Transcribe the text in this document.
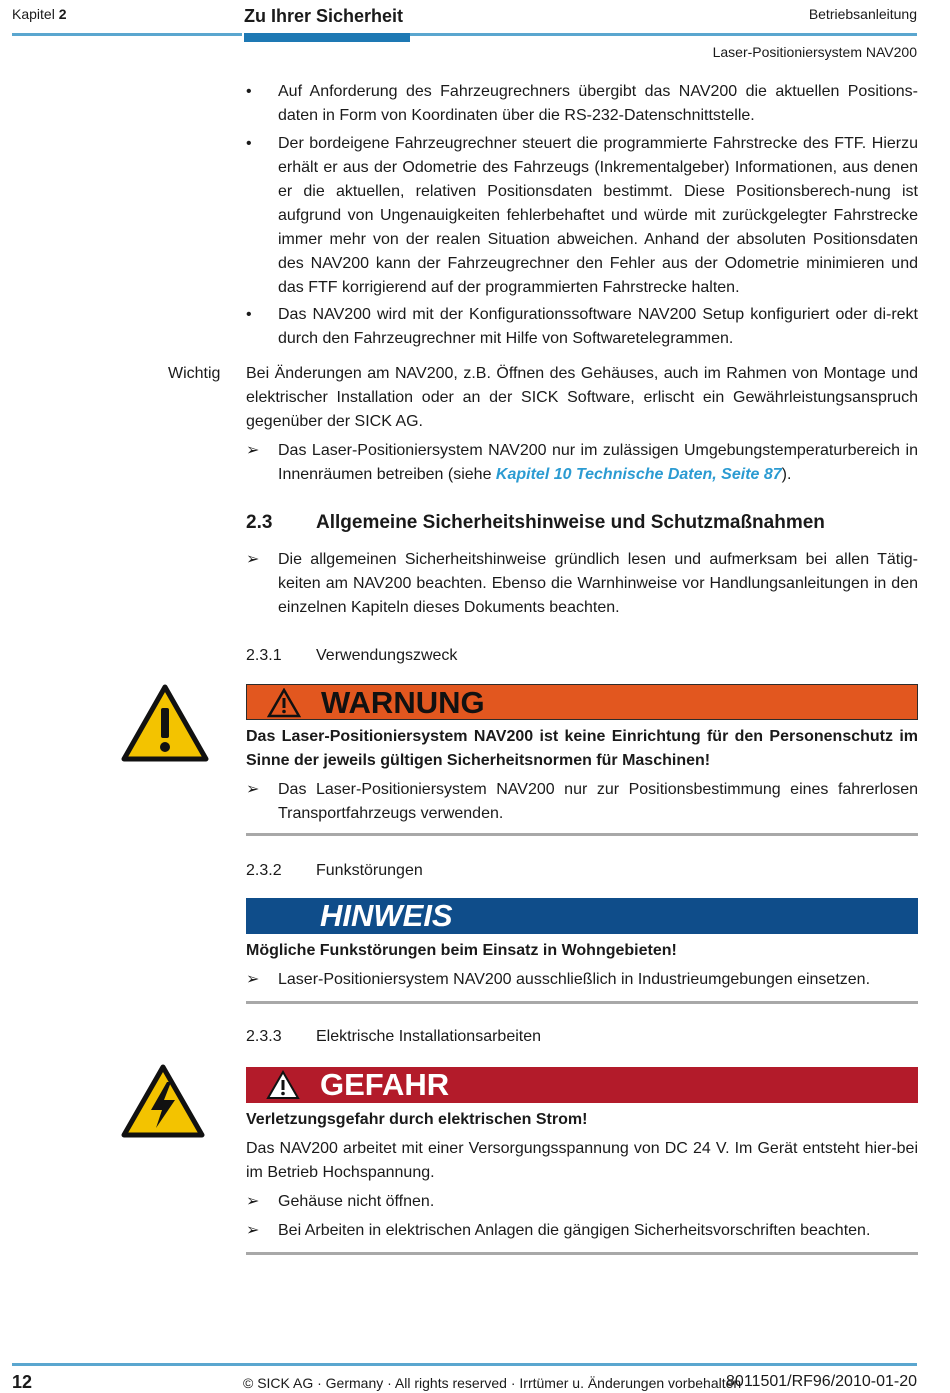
Kapitel 2	Zu Ihrer Sicherheit	Betriebsanleitung
Laser-Positioniersystem NAV200
• Auf Anforderung des Fahrzeugrechners übergibt das NAV200 die aktuellen Positions-daten in Form von Koordinaten über die RS-232-Datenschnittstelle.
• Der bordeigene Fahrzeugrechner steuert die programmierte Fahrstrecke des FTF. Hierzu erhält er aus der Odometrie des Fahrzeugs (Inkrementalgeber) Informationen, aus denen er die aktuellen, relativen Positionsdaten bestimmt. Diese Positionsberech-nung ist aufgrund von Ungenauigkeiten fehlerbehaftet und würde mit zurückgelegter Fahrstrecke immer mehr von der realen Situation abweichen. Anhand der absoluten Positionsdaten des NAV200 kann der Fahrzeugrechner den Fehler aus der Odometrie minimieren und das FTF korrigierend auf der programmierten Fahrstrecke halten.
• Das NAV200 wird mit der Konfigurationssoftware NAV200 Setup konfiguriert oder di-rekt durch den Fahrzeugrechner mit Hilfe von Softwaretelegrammen.
Wichtig Bei Änderungen am NAV200, z.B. Öffnen des Gehäuses, auch im Rahmen von Montage und elektrischer Installation oder an der SICK Software, erlischt ein Gewährleistungsanspruch gegenüber der SICK AG.
➢ Das Laser-Positioniersystem NAV200 nur im zulässigen Umgebungstemperaturbereich in Innenräumen betreiben (siehe Kapitel 10 Technische Daten, Seite 87).
2.3 Allgemeine Sicherheitshinweise und Schutzmaßnahmen
➢ Die allgemeinen Sicherheitshinweise gründlich lesen und aufmerksam bei allen Tätig-keiten am NAV200 beachten. Ebenso die Warnhinweise vor Handlungsanleitungen in den einzelnen Kapiteln dieses Dokuments beachten.
2.3.1 Verwendungszweck
WARNUNG
Das Laser-Positioniersystem NAV200 ist keine Einrichtung für den Personenschutz im Sinne der jeweils gültigen Sicherheitsnormen für Maschinen!
➢ Das Laser-Positioniersystem NAV200 nur zur Positionsbestimmung eines fahrerlosen Transportfahrzeugs verwenden.
2.3.2 Funkstörungen
HINWEIS
Mögliche Funkstörungen beim Einsatz in Wohngebieten!
➢ Laser-Positioniersystem NAV200 ausschließlich in Industrieumgebungen einsetzen.
2.3.3 Elektrische Installationsarbeiten
GEFAHR
Verletzungsgefahr durch elektrischen Strom!
Das NAV200 arbeitet mit einer Versorgungsspannung von DC 24 V. Im Gerät entsteht hier-bei im Betrieb Hochspannung.
➢ Gehäuse nicht öffnen.
➢ Bei Arbeiten in elektrischen Anlagen die gängigen Sicherheitsvorschriften beachten.
12	© SICK AG · Germany · All rights reserved · Irrtümer u. Änderungen vorbehalten
8011501/RF96/2010-01-20
